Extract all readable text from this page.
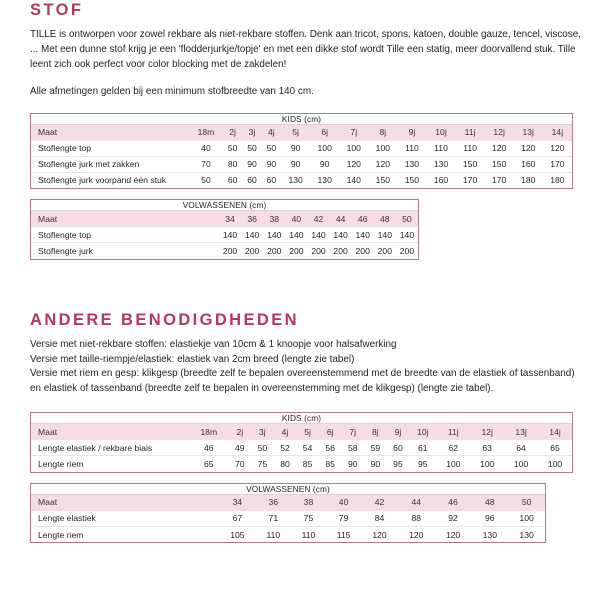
STOF

TILLE is ontworpen voor zowel rekbare als niet-rekbare stoffen. Denk aan tricot, spons, katoen, double gauze, tencel, viscose, ... Met een dunne stof krijg je een 'flodderjurkje/topje' en met een dikke stof wordt Tille een statig, meer doorvallend stuk. Tille leent zich ook perfect voor color blocking met de zakdelen!

Alle afmetingen gelden bij een minimum stofbreedte van 140 cm.

KIDS (cm)														
Maat	18m	2j	3j	4j	5j	6j	7j	8j	9j	10j	11j	12j	13j	14j
Stoflengte top	40	50	50	50	90	100	100	100	110	110	110	120	120	120
Stoflengte jurk met zakken	70	80	90	90	90	90	120	120	130	130	150	150	160	170
Stoflengte jurk voorpand één stuk	50	60	60	60	130	130	140	150	150	160	170	170	180	180
VOLWASSENEN (cm)									
Maat	34	36	38	40	42	44	46	48	50
Stoflengte top	140	140	140	140	140	140	140	140	140
Stoflengte jurk	200	200	200	200	200	200	200	200	200
ANDERE BENODIGDHEDEN

Versie met niet-rekbare stoffen: elastiekje van 10cm & 1 knoopje voor halsafwerking

Versie met taille-riempje/elastiek: elastiek van 2cm breed (lengte zie tabel)

Versie met riem en gesp: klikgesp (breedte zelf te bepalen overeenstemmend met de breedte van de elastiek of tassenband) en elastiek of tassenband (breedte zelf te bepalen in overeenstemming met de klikgesp) (lengte zie tabel).

KIDS (cm)														
Maat	18m	2j	3j	4j	5j	6j	7j	8j	9j	10j	11j	12j	13j	14j
Lengte elastiek / rekbare biais	46	49	50	52	54	56	58	59	60	61	62	63	64	65
Lengte riem	65	70	75	80	85	85	90	90	95	95	100	100	100	100
VOLWASSENEN (cm)									
Maat	34	36	38	40	42	44	46	48	50
Lengte elastiek	67	71	75	79	84	88	92	96	100
Lengte riem	105	110	110	115	120	120	120	130	130
